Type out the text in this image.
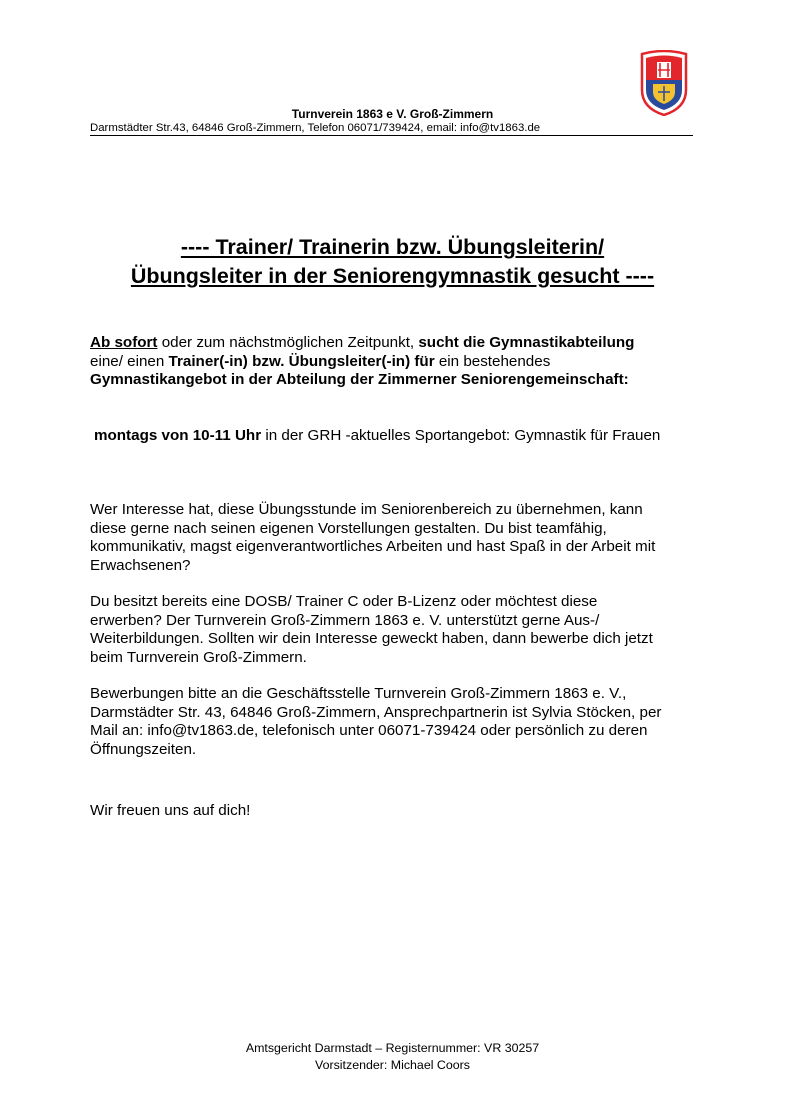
Turnverein 1863 e V. Groß-Zimmern
Darmstädter Str.43, 64846 Groß-Zimmern, Telefon 06071/739424, email: info@tv1863.de
---- Trainer/ Trainerin bzw. Übungsleiterin/
Übungsleiter in der Seniorengymnastik gesucht ----
Ab sofort oder zum nächstmöglichen Zeitpunkt, sucht die Gymnastikabteilung
eine/ einen Trainer(-in) bzw. Übungsleiter(-in) für ein bestehendes
Gymnastikangebot in der Abteilung der Zimmerner Seniorengemeinschaft:
montags von 10-11 Uhr in der GRH -aktuelles Sportangebot: Gymnastik für Frauen
Wer Interesse hat, diese Übungsstunde im Seniorenbereich zu übernehmen, kann
diese gerne nach seinen eigenen Vorstellungen gestalten. Du bist teamfähig,
kommunikativ, magst eigenverantwortliches Arbeiten und hast Spaß in der Arbeit mit
Erwachsenen?
Du besitzt bereits eine DOSB/ Trainer C oder B-Lizenz oder möchtest diese
erwerben? Der Turnverein Groß-Zimmern 1863 e. V. unterstützt gerne Aus-/
Weiterbildungen. Sollten wir dein Interesse geweckt haben, dann bewerbe dich jetzt
beim Turnverein Groß-Zimmern.
Bewerbungen bitte an die Geschäftsstelle Turnverein Groß-Zimmern 1863 e. V.,
Darmstädter Str. 43, 64846 Groß-Zimmern, Ansprechpartnerin ist Sylvia Stöcken, per
Mail an: info@tv1863.de, telefonisch unter 06071-739424 oder persönlich zu deren
Öffnungszeiten.
Wir freuen uns auf dich!
Amtsgericht Darmstadt – Registernummer: VR 30257
Vorsitzender: Michael Coors
